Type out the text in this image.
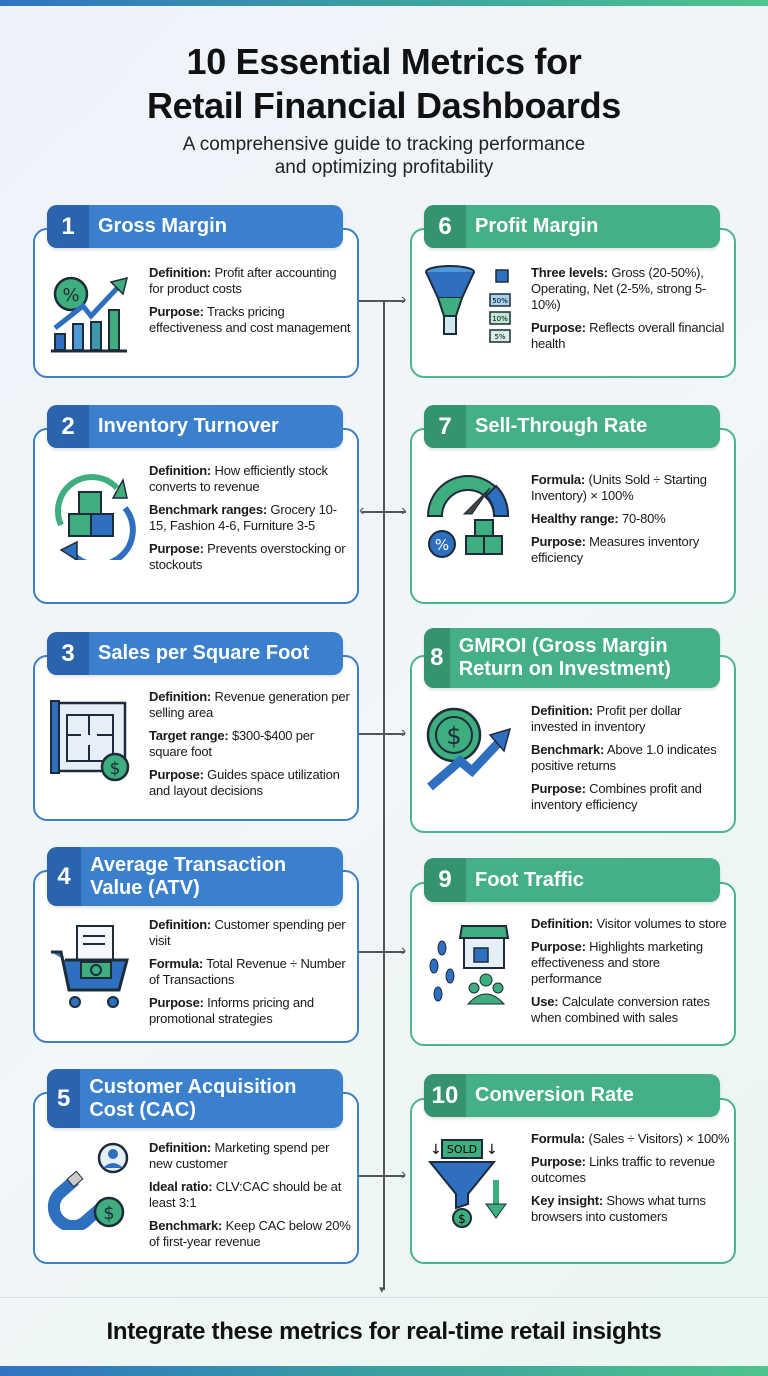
10 Essential Metrics for
Retail Financial Dashboards
A comprehensive guide to tracking performance
and optimizing profitability
1	Gross Margin
%

Definition: Profit after accounting for product costs

Purpose: Tracks pricing effectiveness and cost management

2	Inventory Turnover

Definition: How efficiently stock converts to revenue

Benchmark ranges: Grocery 10-15, Fashion 4-6, Furniture 3-5

Purpose: Prevents overstocking or stockouts

3	Sales per Square Foot
$

Definition: Revenue generation per selling area

Target range: $300-$400 per square foot

Purpose: Guides space utilization and layout decisions

4 Average Transaction Value (ATV)

Definition: Customer spending per visit

Formula: Total Revenue ÷ Number of Transactions

Purpose: Informs pricing and promotional strategies

5 Customer Acquisition Cost (CAC)
$

Definition: Marketing spend per new customer

Ideal ratio: CLV:CAC should be at least 3:1

Benchmark: Keep CAC below 20% of first-year revenue

6	Profit Margin
50%
10%
5%

Three levels: Gross (20-50%), Operating, Net (2-5%, strong 5-10%)

Purpose: Reflects overall financial health

7	Sell-Through Rate
%

Formula: (Units Sold ÷ Starting Inventory) × 100%

Healthy range: 70-80%

Purpose: Measures inventory efficiency

8 GMROI (Gross Margin Return on Investment)
$

Definition: Profit per dollar invested in inventory

Benchmark: Above 1.0 indicates positive returns

Purpose: Combines profit and inventory efficiency

9	Foot Traffic

Definition: Visitor volumes to store

Purpose: Highlights marketing effectiveness and store performance

Use: Calculate conversion rates when combined with sales

10 Conversion Rate
SOLD
↓	↓
$

Formula: (Sales ÷ Visitors) × 100%

Purpose: Links traffic to revenue outcomes

Key insight: Shows what turns browsers into customers

›
›
‹
›
›
›
▾
Integrate these metrics for real-time retail insights
